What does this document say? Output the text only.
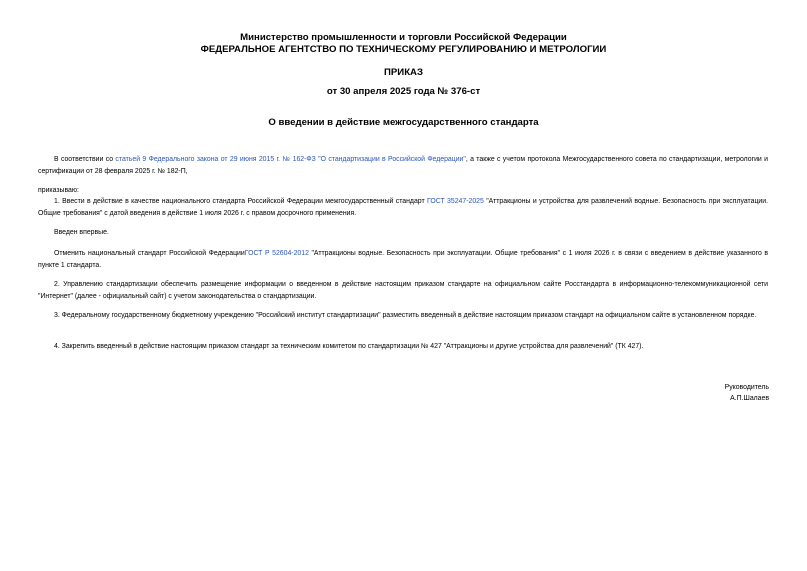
Министерство промышленности и торговли Российской Федерации
ФЕДЕРАЛЬНОЕ АГЕНТСТВО ПО ТЕХНИЧЕСКОМУ РЕГУЛИРОВАНИЮ И МЕТРОЛОГИИ
ПРИКАЗ
от 30 апреля 2025 года № 376-ст
О введении в действие межгосударственного стандарта
В соответствии со статьей 9 Федерального закона от 29 июня 2015 г. № 162-ФЗ "О стандартизации в Российской Федерации", а также с учетом протокола Межгосударственного совета по стандартизации, метрологии и сертификации от 28 февраля 2025 г. № 182-П,
приказываю:
1. Ввести в действие в качестве национального стандарта Российской Федерации межгосударственный стандарт ГОСТ 35247-2025 "Аттракционы и устройства для развлечений водные. Безопасность при эксплуатации. Общие требования" с датой введения в действие 1 июля 2026 г. с правом досрочного применения.
Введен впервые.
Отменить национальный стандарт Российской ФедерацииГОСТ Р 52604-2012 "Аттракционы водные. Безопасность при эксплуатации. Общие требования" с 1 июля 2026 г. в связи с введением в действие указанного в пункте 1 стандарта.
2. Управлению стандартизации обеспечить размещение информации о введенном в действие настоящим приказом стандарте на официальном сайте Росстандарта в информационно-телекоммуникационной сети "Интернет" (далее - официальный сайт) с учетом законодательства о стандартизации.
3. Федеральному государственному бюджетному учреждению "Российский институт стандартизации" разместить введенный в действие настоящим приказом стандарт на официальном сайте в установленном порядке.
4. Закрепить введенный в действие настоящим приказом стандарт за техническим комитетом по стандартизации № 427 "Аттракционы и другие устройства для развлечений" (ТК 427).
Руководитель
А.П.Шалаев
